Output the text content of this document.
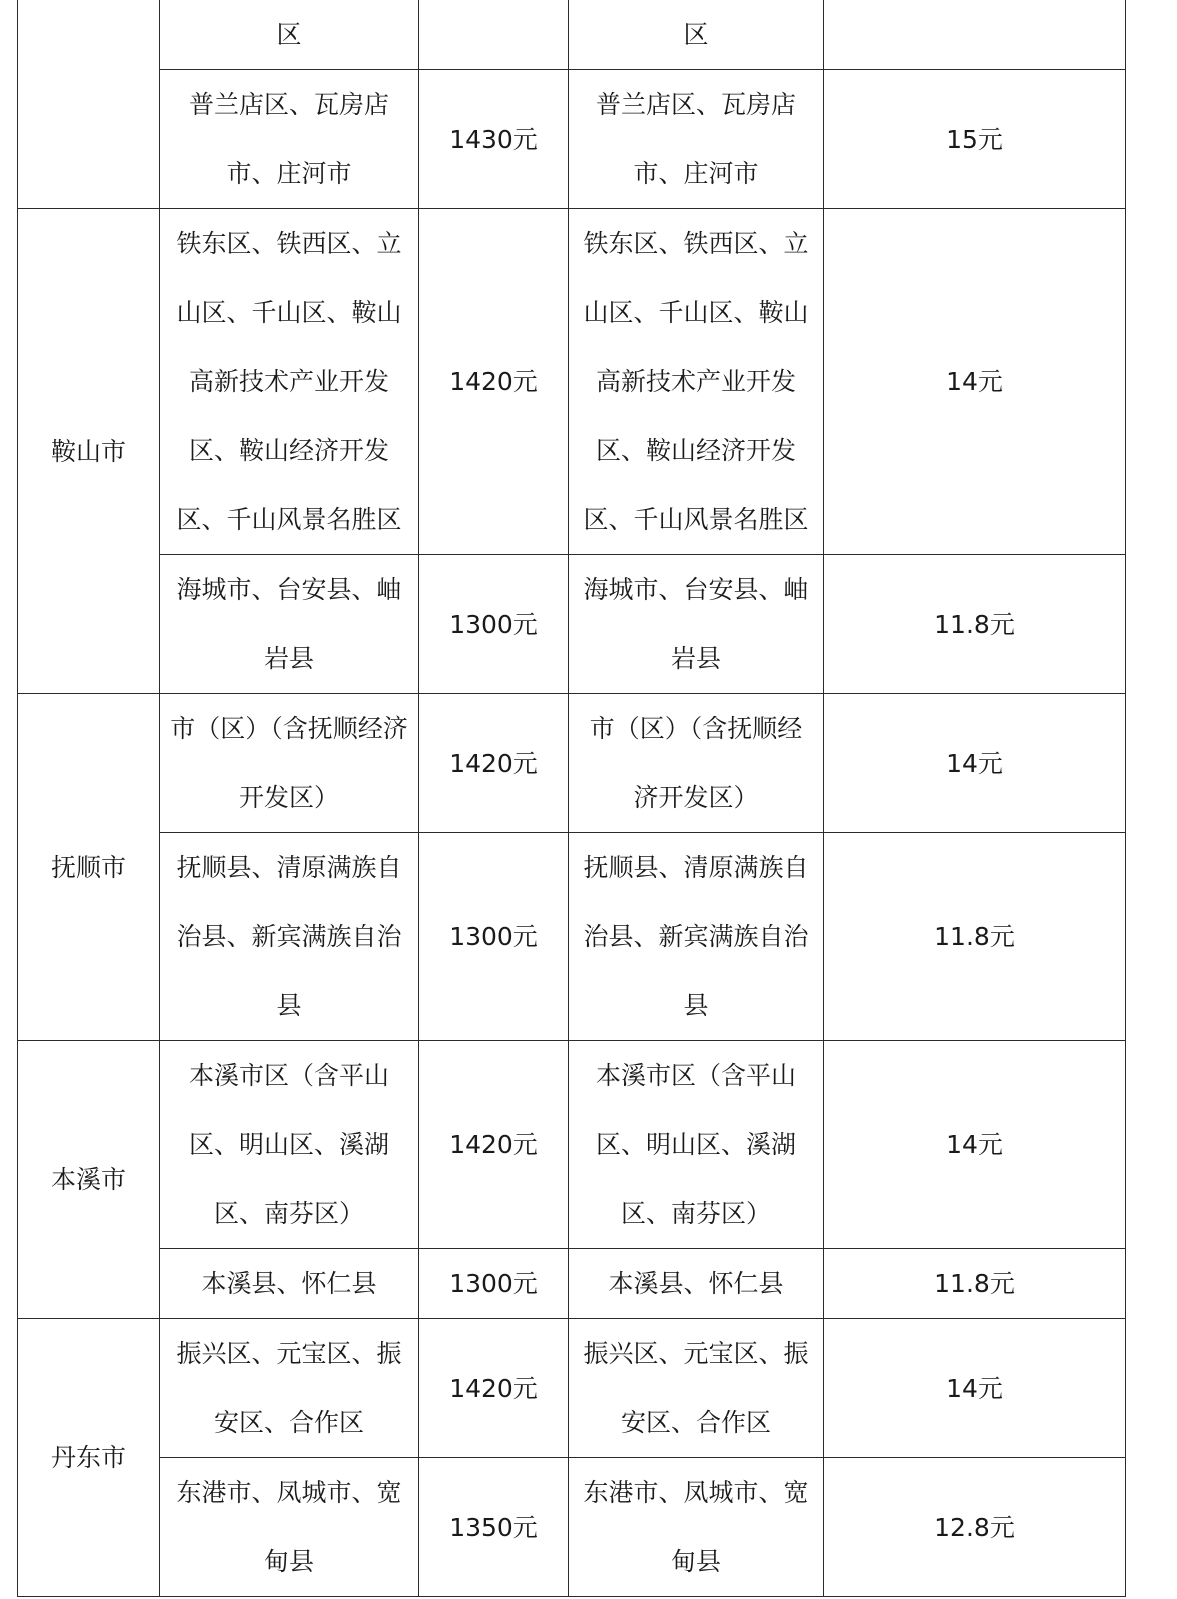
	区		区	
	普兰店区、瓦房店市、庄河市	1430元	普兰店区、瓦房店市、庄河市	15元
鞍山市	铁东区、铁西区、立山区、千山区、鞍山高新技术产业开发区、鞍山经济开发区、千山风景名胜区	1420元	铁东区、铁西区、立山区、千山区、鞍山高新技术产业开发区、鞍山经济开发区、千山风景名胜区	14元
	海城市、台安县、岫岩县	1300元	海城市、台安县、岫岩县	11.8元
抚顺市	市（区）（含抚顺经济开发区）	1420元	市（区）（含抚顺经济开发区）	14元
	抚顺县、清原满族自治县、新宾满族自治县	1300元	抚顺县、清原满族自治县、新宾满族自治县	11.8元
本溪市	本溪市区（含平山区、明山区、溪湖区、南芬区）	1420元	本溪市区（含平山区、明山区、溪湖区、南芬区）	14元
	本溪县、怀仁县	1300元	本溪县、怀仁县	11.8元
丹东市	振兴区、元宝区、振安区、合作区	1420元	振兴区、元宝区、振安区、合作区	14元
	东港市、凤城市、宽甸县	1350元	东港市、凤城市、宽甸县	12.8元
